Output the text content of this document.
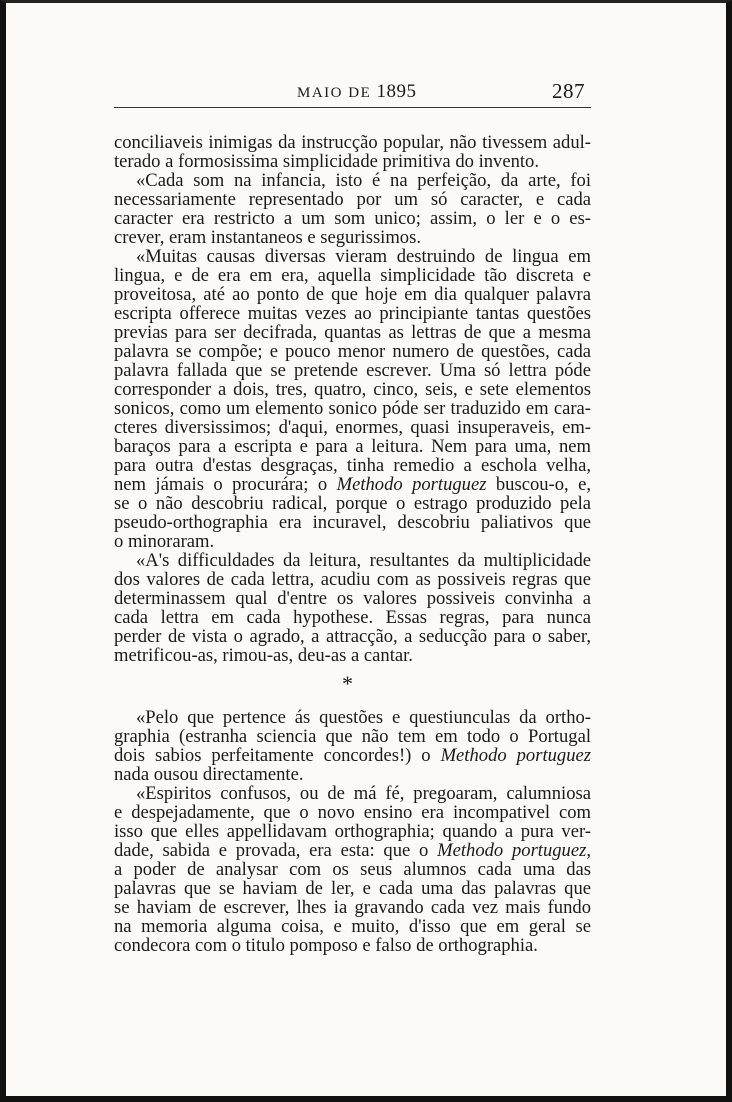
MAIO DE 1895	287
conciliaveis inimigas da instrucção popular, não tivessem adul-
terado a formosissima simplicidade primitiva do invento.
«Cada som na infancia, isto é na perfeição, da arte, foi
necessariamente representado por um só caracter, e cada
caracter era restricto a um som unico; assim, o ler e o es-
crever, eram instantaneos e segurissimos.
«Muitas causas diversas vieram destruindo de lingua em
lingua, e de era em era, aquella simplicidade tão discreta e
proveitosa, até ao ponto de que hoje em dia qualquer palavra
escripta offerece muitas vezes ao principiante tantas questões
previas para ser decifrada, quantas as lettras de que a mesma
palavra se compõe; e pouco menor numero de questões, cada
palavra fallada que se pretende escrever. Uma só lettra póde
corresponder a dois, tres, quatro, cinco, seis, e sete elementos
sonicos, como um elemento sonico póde ser traduzido em cara-
cteres diversissimos; d'aqui, enormes, quasi insuperaveis, em-
baraços para a escripta e para a leitura. Nem para uma, nem
para outra d'estas desgraças, tinha remedio a eschola velha,
nem jámais o procurára; o Methodo portuguez buscou-o, e,
se o não descobriu radical, porque o estrago produzido pela
pseudo-orthographia era incuravel, descobriu paliativos que
o minoraram.
«A's difficuldades da leitura, resultantes da multiplicidade
dos valores de cada lettra, acudiu com as possiveis regras que
determinassem qual d'entre os valores possiveis convinha a
cada lettra em cada hypothese. Essas regras, para nunca
perder de vista o agrado, a attracção, a seducção para o saber,
metrificou-as, rimou-as, deu-as a cantar.
*
«Pelo que pertence ás questões e questiunculas da ortho-
graphia (estranha sciencia que não tem em todo o Portugal
dois sabios perfeitamente concordes!) o Methodo portuguez
nada ousou directamente.
«Espiritos confusos, ou de má fé, pregoaram, calumniosa
e despejadamente, que o novo ensino era incompativel com
isso que elles appellidavam orthographia; quando a pura ver-
dade, sabida e provada, era esta: que o Methodo portuguez,
a poder de analysar com os seus alumnos cada uma das
palavras que se haviam de ler, e cada uma das palavras que
se haviam de escrever, lhes ia gravando cada vez mais fundo
na memoria alguma coisa, e muito, d'isso que em geral se
condecora com o titulo pomposo e falso de orthographia.
